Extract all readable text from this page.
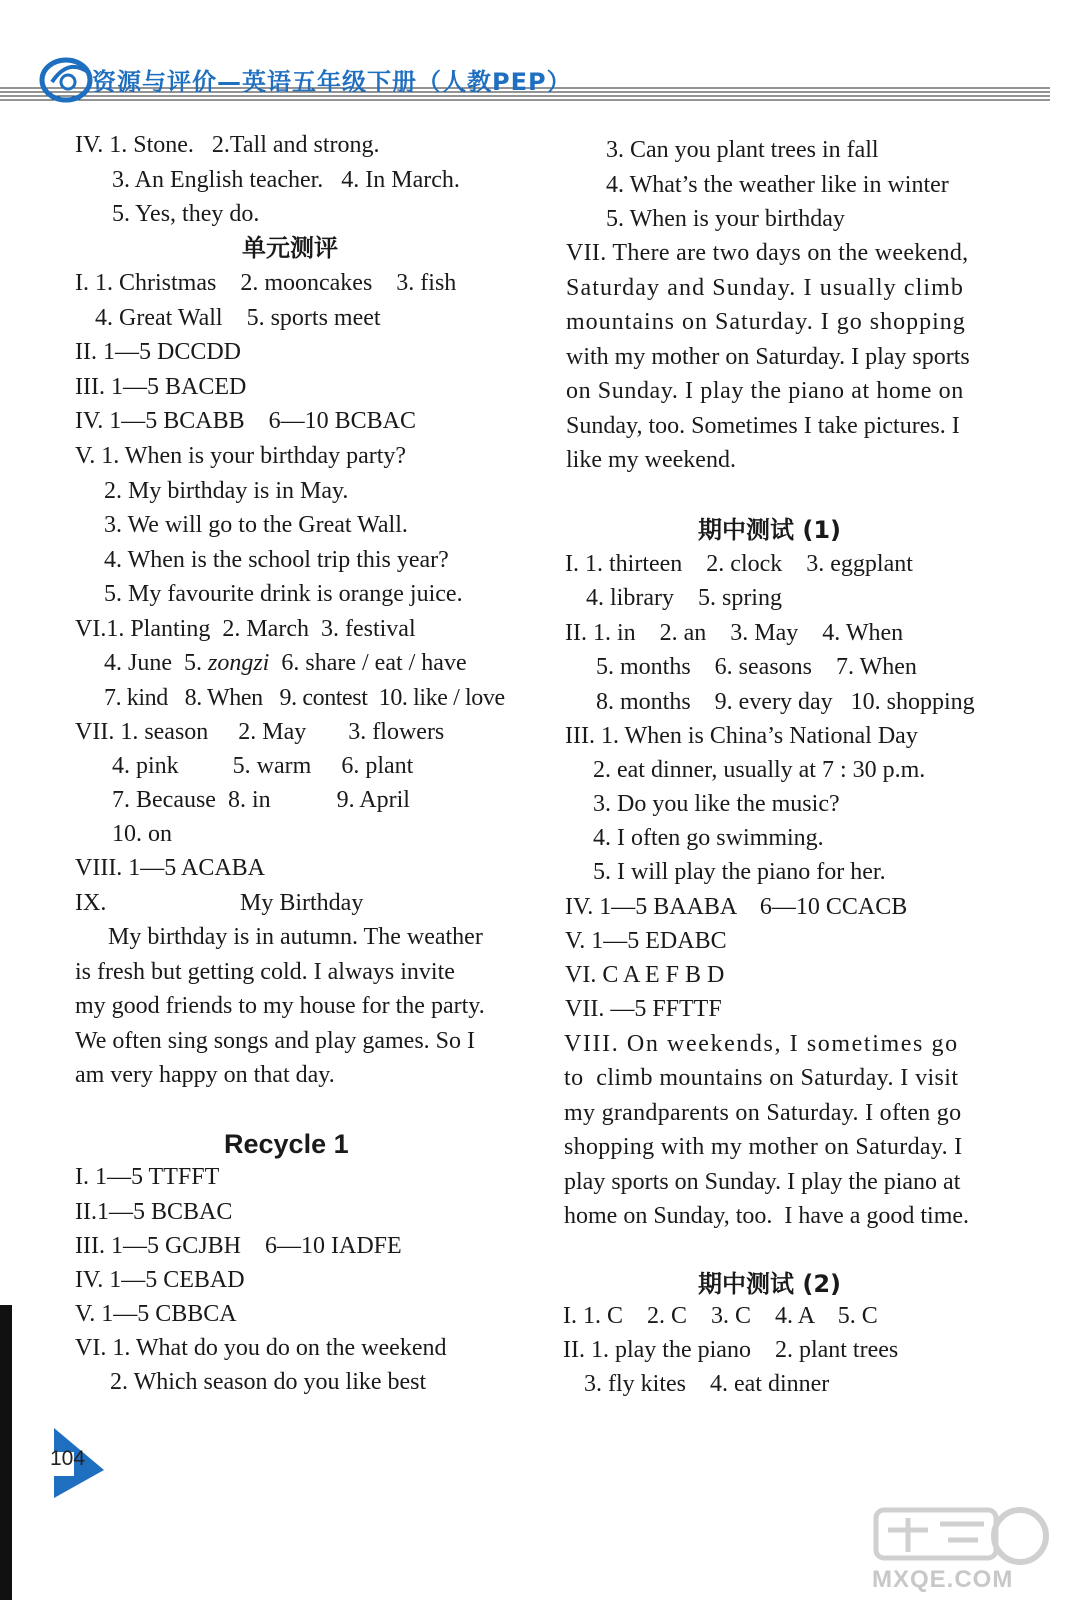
资源与评价—英语五年级下册（人教PEP）
IV. 1. Stone.   2.Tall and strong.
3. An English teacher.   4. In March.
5. Yes, they do.
单元测评
I. 1. Christmas    2. mooncakes    3. fish
4. Great Wall    5. sports meet
II. 1—5 DCCDD
III. 1—5 BACED
IV. 1—5 BCABB    6—10 BCBAC
V. 1. When is your birthday party?
2. My birthday is in May.
3. We will go to the Great Wall.
4. When is the school trip this year?
5. My favourite drink is orange juice.
VI.1. Planting  2. March  3. festival
4. June  5. zongzi  6. share / eat / have
7. kind   8. When   9. contest  10. like / love
VII. 1. season     2. May       3. flowers
4. pink         5. warm     6. plant
7. Because  8. in           9. April
10. on
VIII. 1—5 ACABA
IX.	My Birthday
My birthday is in autumn. The weather
is fresh but getting cold. I always invite
my good friends to my house for the party.
We often sing songs and play games. So I
am very happy on that day.
Recycle 1
I. 1—5 TTFFT
II.1—5 BCBAC
III. 1—5 GCJBH    6—10 IADFE
IV. 1—5 CEBAD
V. 1—5 CBBCA
VI. 1. What do you do on the weekend
2. Which season do you like best
3. Can you plant trees in fall
4. What’s the weather like in winter
5. When is your birthday
VII. There are two days on the weekend,
Saturday and Sunday. I usually climb
mountains on Saturday. I go shopping
with my mother on Saturday. I play sports
on Sunday. I play the piano at home on
Sunday, too. Sometimes I take pictures. I
like my weekend.
期中测试 (1)
I. 1. thirteen    2. clock    3. eggplant
4. library    5. spring
II. 1. in    2. an    3. May    4. When
5. months    6. seasons    7. When
8. months    9. every day   10. shopping
III. 1. When is China’s National Day
2. eat dinner, usually at 7 : 30 p.m.
3. Do you like the music?
4. I often go swimming.
5. I will play the piano for her.
IV. 1—5 BAABA    6—10 CCACB
V. 1—5 EDABC
VI. C A E F B D
VII. —5 FFTTF
VIII. On weekends, I sometimes go
to  climb mountains on Saturday. I visit
my grandparents on Saturday. I often go
shopping with my mother on Saturday. I
play sports on Sunday. I play the piano at
home on Sunday, too.  I have a good time.
期中测试 (2)
I. 1. C    2. C    3. C    4. A    5. C
II. 1. play the piano    2. plant trees
3. fly kites    4. eat dinner
104
MXQE.COM
